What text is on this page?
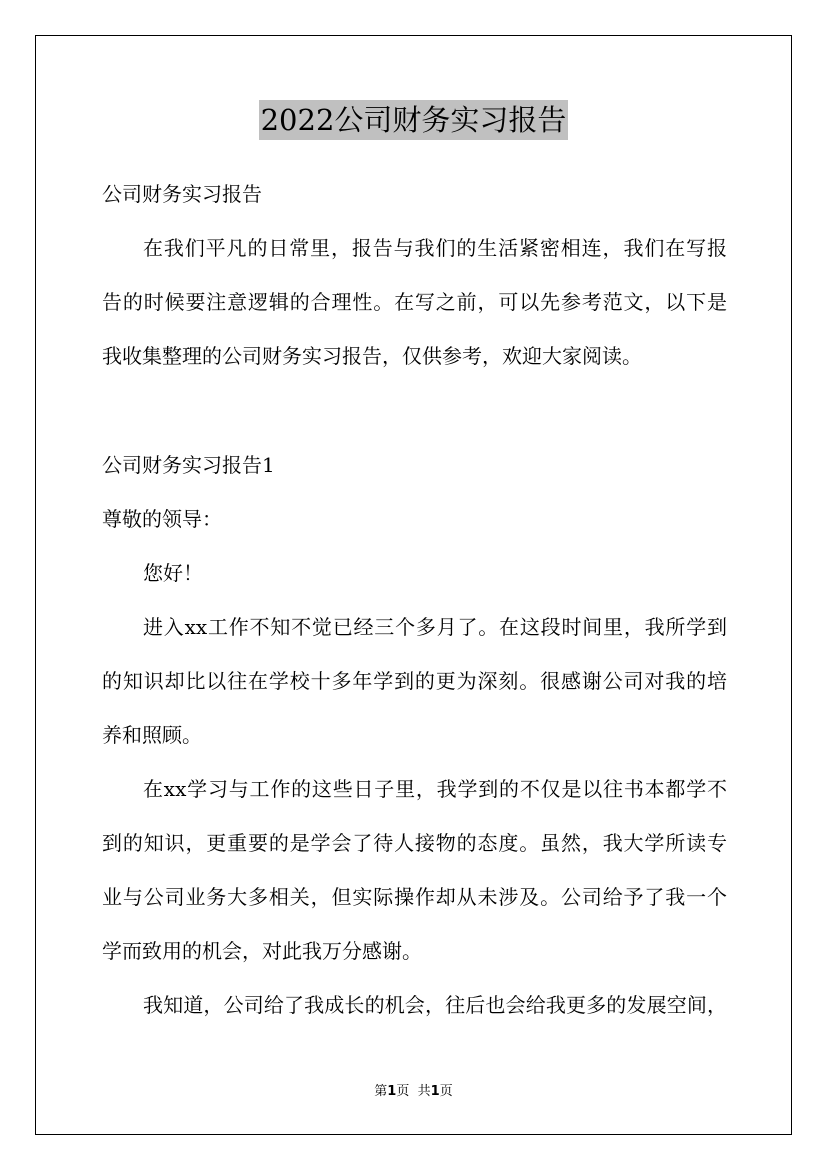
2022公司财务实习报告
公司财务实习报告
在我们平凡的日常里，报告与我们的生活紧密相连，我们在写报
告的时候要注意逻辑的合理性。在写之前，可以先参考范文，以下是
我收集整理的公司财务实习报告，仅供参考，欢迎大家阅读。
公司财务实习报告1
尊敬的领导：
您好！
进入xx工作不知不觉已经三个多月了。在这段时间里，我所学到
的知识却比以往在学校十多年学到的更为深刻。很感谢公司对我的培
养和照顾。
在xx学习与工作的这些日子里，我学到的不仅是以往书本都学不
到的知识，更重要的是学会了待人接物的态度。虽然，我大学所读专
业与公司业务大多相关，但实际操作却从未涉及。公司给予了我一个
学而致用的机会，对此我万分感谢。
我知道，公司给了我成长的机会，往后也会给我更多的发展空间，
第1页 共1页
